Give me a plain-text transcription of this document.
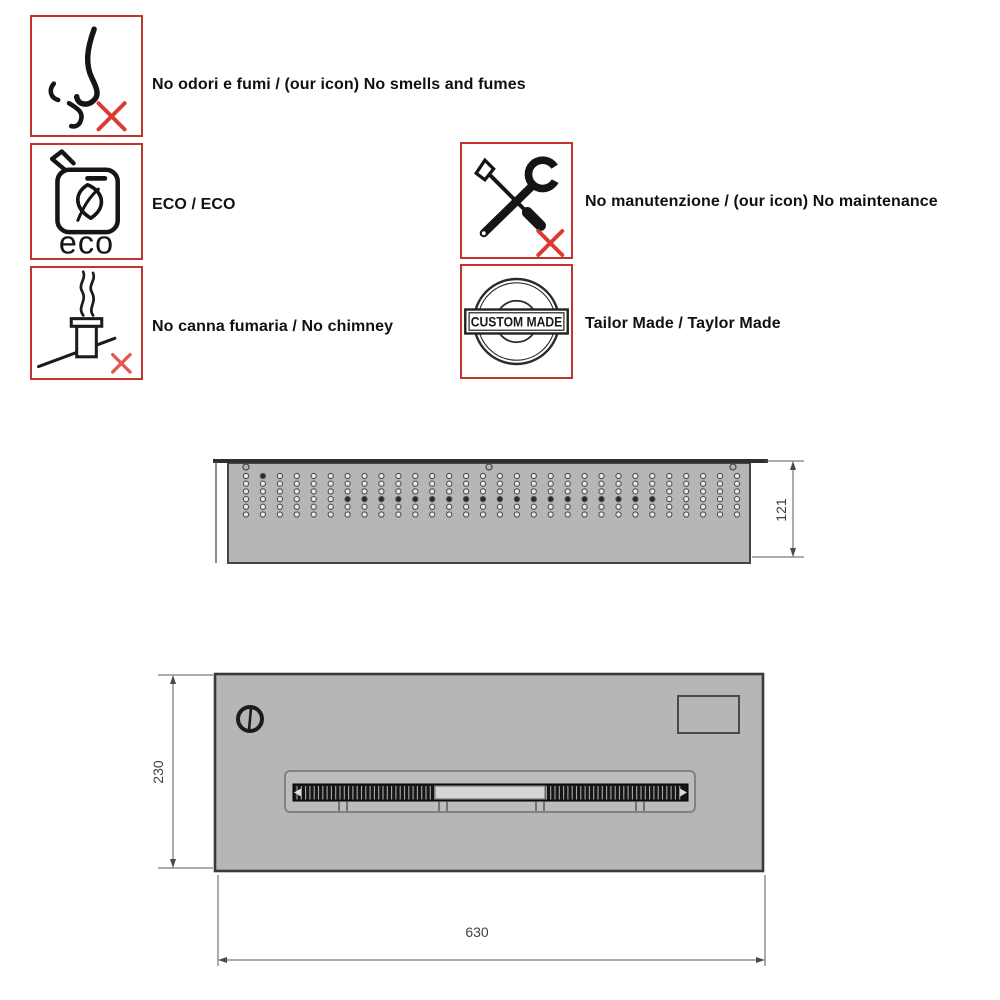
eco
CUSTOM MADE
No odori e fumi / (our icon) No smells and fumes
ECO / ECO
No canna fumaria / No chimney
No manutenzione / (our icon) No maintenance
Tailor Made / Taylor Made
121
230
630
